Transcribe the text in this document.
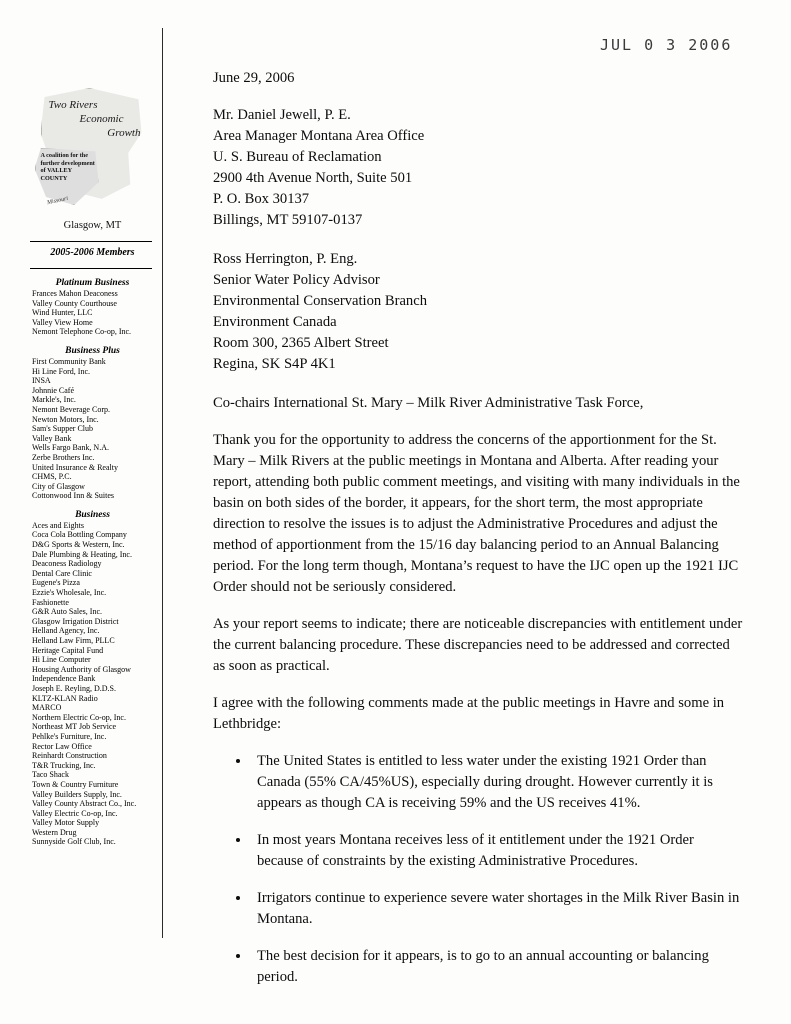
JUL 0 3 2006
Two Rivers
Economic
Growth
A coalition for the further development of VALLEY COUNTY
Missouri
Glasgow, MT
2005-2006 Members
Platinum Business
Frances Mahon Deaconess
Valley County Courthouse
Wind Hunter, LLC
Valley View Home
Nemont Telephone Co-op, Inc.
Business Plus
First Community Bank
Hi Line Ford, Inc.
INSA
Johnnie Café
Markle's, Inc.
Nemont Beverage Corp.
Newton Motors, Inc.
Sam's Supper Club
Valley Bank
Wells Fargo Bank, N.A.
Zerbe Brothers Inc.
United Insurance & Realty
CHMS, P.C.
City of Glasgow
Cottonwood Inn & Suites
Business
Aces and Eights
Coca Cola Bottling Company
D&G Sports & Western, Inc.
Dale Plumbing & Heating, Inc.
Deaconess Radiology
Dental Care Clinic
Eugene's Pizza
Ezzie's Wholesale, Inc.
Fashionette
G&R Auto Sales, Inc.
Glasgow Irrigation District
Helland Agency, Inc.
Helland Law Firm, PLLC
Heritage Capital Fund
Hi Line Computer
Housing Authority of Glasgow
Independence Bank
Joseph E. Reyling, D.D.S.
KLTZ-KLAN Radio
MARCO
Northern Electric Co-op, Inc.
Northeast MT Job Service
Pehlke's Furniture, Inc.
Rector Law Office
Reinhardt Construction
T&R Trucking, Inc.
Taco Shack
Town & Country Furniture
Valley Builders Supply, Inc.
Valley County Abstract Co., Inc.
Valley Electric Co-op, Inc.
Valley Motor Supply
Western Drug
Sunnyside Golf Club, Inc.

June 29, 2006

Mr. Daniel Jewell, P. E.
Area Manager Montana Area Office
U. S. Bureau of Reclamation
2900 4th Avenue North, Suite 501
P. O. Box 30137
Billings, MT 59107-0137
Ross Herrington, P. Eng.
Senior Water Policy Advisor
Environmental Conservation Branch
Environment Canada
Room 300, 2365 Albert Street
Regina, SK S4P 4K1

Co-chairs International St. Mary – Milk River Administrative Task Force,

Thank you for the opportunity to address the concerns of the apportionment for the St. Mary – Milk Rivers at the public meetings in Montana and Alberta. After reading your report, attending both public comment meetings, and visiting with many individuals in the basin on both sides of the border, it appears, for the short term, the most appropriate direction to resolve the issues is to adjust the Administrative Procedures and adjust the method of apportionment from the 15/16 day balancing period to an Annual Balancing period. For the long term though, Montana’s request to have the IJC open up the 1921 IJC Order should not be seriously considered.

As your report seems to indicate; there are noticeable discrepancies with entitlement under the current balancing procedure. These discrepancies need to be addressed and corrected as soon as practical.

I agree with the following comments made at the public meetings in Havre and some in Lethbridge:

• The United States is entitled to less water under the existing 1921 Order than Canada (55% CA/45%US), especially during drought. However currently it is appears as though CA is receiving 59% and the US receives 41%.
• In most years Montana receives less of it entitlement under the 1921 Order because of constraints by the existing Administrative Procedures.
• Irrigators continue to experience severe water shortages in the Milk River Basin in Montana.
• The best decision for it appears, is to go to an annual accounting or balancing period.
